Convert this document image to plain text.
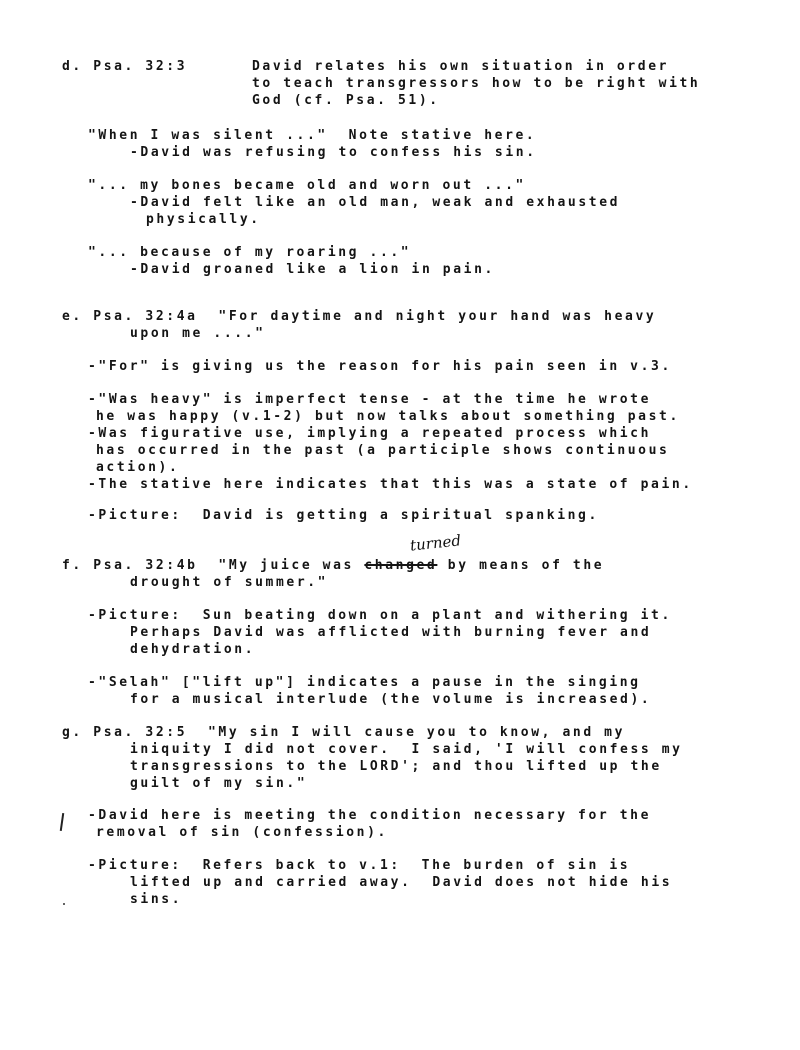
d. Psa. 32:3

	David relates his own situation in order

to teach transgressors how to be right with

God (cf. Psa. 51).

"When I was silent ..."  Note stative here.

-David was refusing to confess his sin.

"... my bones became old and worn out ..."

-David felt like an old man, weak and exhausted

physically.

"... because of my roaring ..."

-David groaned like a lion in pain.

e. Psa. 32:4a  "For daytime and night your hand was heavy

upon me ...."

-"For" is giving us the reason for his pain seen in v.3.

-"Was heavy" is imperfect tense - at the time he wrote

he was happy (v.1-2) but now talks about something past.

-Was figurative use, implying a repeated process which

has occurred in the past (a participle shows continuous

action).

-The stative here indicates that this was a state of pain.

-Picture:  David is getting a spiritual spanking.

turned

f. Psa. 32:4b  "My juice was changed by means of the

drought of summer."

-Picture:  Sun beating down on a plant and withering it.

Perhaps David was afflicted with burning fever and

dehydration.

-"Selah" ["lift up"] indicates a pause in the singing

for a musical interlude (the volume is increased).

g. Psa. 32:5  "My sin I will cause you to know, and my

iniquity I did not cover.  I said, 'I will confess my

transgressions to the LORD'; and thou lifted up the

guilt of my sin."

-David here is meeting the condition necessary for the

removal of sin (confession).

-Picture:  Refers back to v.1:  The burden of sin is

lifted up and carried away.  David does not hide his

sins.
